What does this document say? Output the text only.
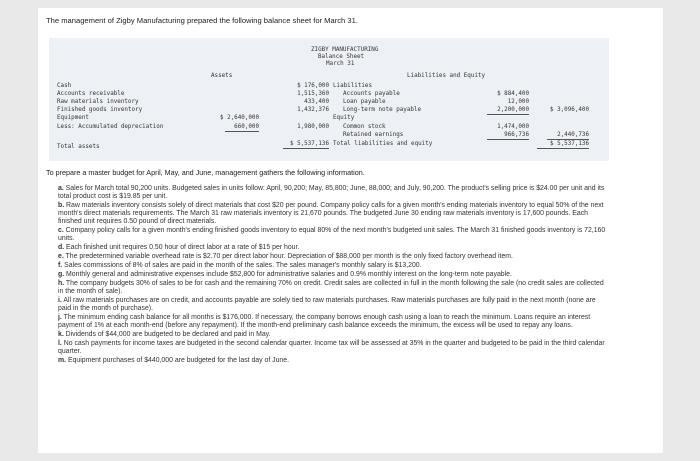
The management of Zigby Manufacturing prepared the following balance sheet for March 31.
ZIGBY MANUFACTURING
Balance Sheet
March 31
Assets	Liabilities and Equity
Cash
Accounts receivable
Raw materials inventory
Finished goods inventory
Equipment
Less: Accumulated depreciation
Total assets
$ 2,640,000
660,000
$ 176,000
1,515,360
433,400
1,432,376
1,980,000
$ 5,537,136
Liabilities
Accounts payable
Loan payable
Long-term note payable
Equity
Common stock
Retained earnings
Total liabilities and equity
$ 884,400
12,000
2,200,000
1,474,000
966,736
$ 3,096,400
2,440,736
$ 5,537,136
To prepare a master budget for April, May, and June, management gathers the following information.
a. Sales for March total 90,200 units. Budgeted sales in units follow: April, 90,200; May, 85,800; June, 88,000; and July, 90,200. The product's selling price is $24.00 per unit and its total product cost is $19.85 per unit.
b. Raw materials inventory consists solely of direct materials that cost $20 per pound. Company policy calls for a given month's ending materials inventory to equal 50% of the next month's direct materials requirements. The March 31 raw materials inventory is 21,670 pounds. The budgeted June 30 ending raw materials inventory is 17,600 pounds. Each finished unit requires 0.50 pound of direct materials.
c. Company policy calls for a given month's ending finished goods inventory to equal 80% of the next month's budgeted unit sales. The March 31 finished goods inventory is 72,160 units.
d. Each finished unit requires 0.50 hour of direct labor at a rate of $15 per hour.
e. The predetermined variable overhead rate is $2.70 per direct labor hour. Depreciation of $88,000 per month is the only fixed factory overhead item.
f. Sales commissions of 8% of sales are paid in the month of the sales. The sales manager's monthly salary is $13,200.
g. Monthly general and administrative expenses include $52,800 for administrative salaries and 0.9% monthly interest on the long-term note payable.
h. The company budgets 30% of sales to be for cash and the remaining 70% on credit. Credit sales are collected in full in the month following the sale (no credit sales are collected in the month of sale).
i. All raw materials purchases are on credit, and accounts payable are solely tied to raw materials purchases. Raw materials purchases are fully paid in the next month (none are paid in the month of purchase).
j. The minimum ending cash balance for all months is $176,000. If necessary, the company borrows enough cash using a loan to reach the minimum. Loans require an interest payment of 1% at each month-end (before any repayment). If the month-end preliminary cash balance exceeds the minimum, the excess will be used to repay any loans.
k. Dividends of $44,000 are budgeted to be declared and paid in May.
l. No cash payments for income taxes are budgeted in the second calendar quarter. Income tax will be assessed at 35% in the quarter and budgeted to be paid in the third calendar quarter.
m. Equipment purchases of $440,000 are budgeted for the last day of June.
